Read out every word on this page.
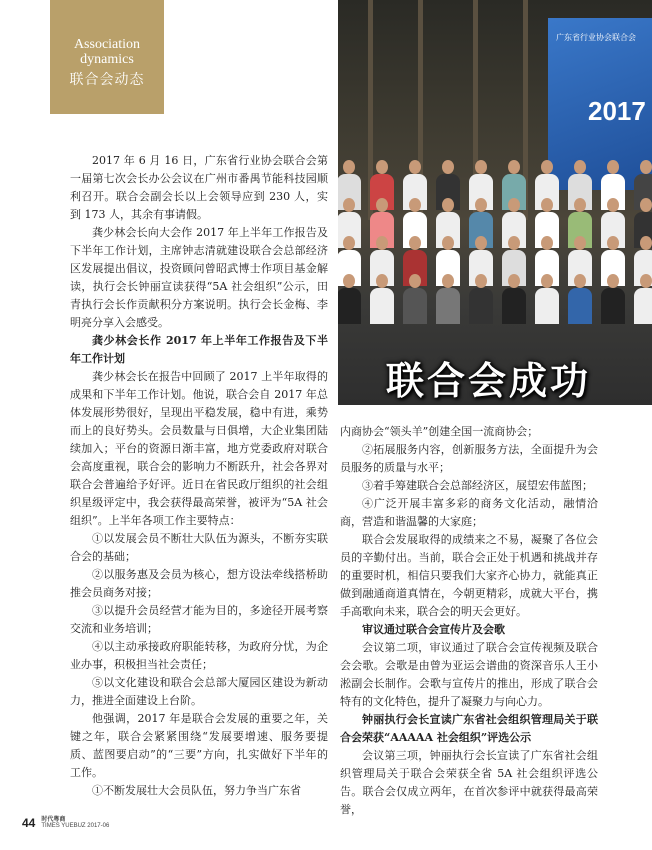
Association
dynamics
联合会动态
广东省行业协会联合会
2017
联合会成功

2017 年 6 月 16 日，广东省行业协会联合会第一届第七次会长办公会议在广州市番禺节能科技园顺利召开。联合会副会长以上会领导应到 230 人，实到 173 人，其余有事请假。

龚少林会长向大会作 2017 年上半年工作报告及下半年工作计划，主席钟志清就建设联合会总部经济区发展提出倡议，投资顾问曾昭武博士作项目基金解读，执行会长钟丽宣读获得“5A 社会组织”公示，田青执行会长作贡献积分方案说明。执行会长金梅、李明亮分享入会感受。

龚少林会长作 2017 年上半年工作报告及下半年工作计划

龚少林会长在报告中回顾了 2017 上半年取得的成果和下半年工作计划。他说，联合会自 2017 年总体发展形势很好，呈现出平稳发展，稳中有进，乘势而上的良好势头。会员数量与日俱增，大企业集团陆续加入；平台的资源日渐丰富，地方党委政府对联合会高度重视，联合会的影响力不断跃升，社会各界对联合会普遍给予好评。近日在省民政厅组织的社会组织星级评定中，我会获得最高荣誉，被评为“5A 社会组织”。上半年各项工作主要特点：

①以发展会员不断壮大队伍为源头，不断夯实联合会的基础；

②以服务惠及会员为核心，想方设法牵线搭桥助推会员商务对接；

③以提升会员经营才能为目的，多途径开展考察交流和业务培训；

④以主动承接政府职能转移，为政府分忧，为企业办事，积极担当社会责任；

⑤以文化建设和联合会总部大厦园区建设为新动力，推进全面建设上台阶。

他强调，2017 年是联合会发展的重要之年，关键之年，联合会紧紧围绕“发展要增速、服务要提质、蓝图要启动”的“三要”方向，扎实做好下半年的工作。

①不断发展壮大会员队伍，努力争当广东省

内商协会“领头羊”创建全国一流商协会；

②拓展服务内容，创新服务方法，全面提升为会员服务的质量与水平；

③着手筹建联合会总部经济区，展望宏伟蓝图；

④广泛开展丰富多彩的商务文化活动，融情洽商，营造和谐温馨的大家庭；

联合会发展取得的成绩来之不易，凝聚了各位会员的辛勤付出。当前，联合会正处于机遇和挑战并存的重要时机，相信只要我们大家齐心协力，就能真正做到融通商道真情在，今朝更精彩，成就大平台，携手高歌向未来，联合会的明天会更好。

审议通过联合会宣传片及会歌

会议第二项，审议通过了联合会宣传视频及联合会会歌。会歌是由曾为亚运会谱曲的资深音乐人王小淞副会长制作。会歌与宣传片的推出，形成了联合会特有的文化特色，提升了凝聚力与向心力。

钟丽执行会长宣读广东省社会组织管理局关于联合会荣获“AAAAA 社会组织”评选公示

会议第三项，钟丽执行会长宣读了广东省社会组织管理局关于联合会荣获全省 5A 社会组织评选公告。联合会仅成立两年，在首次参评中就获得最高荣誉，

44 时代粤商
TIMES YUEBUZ 2017-06
